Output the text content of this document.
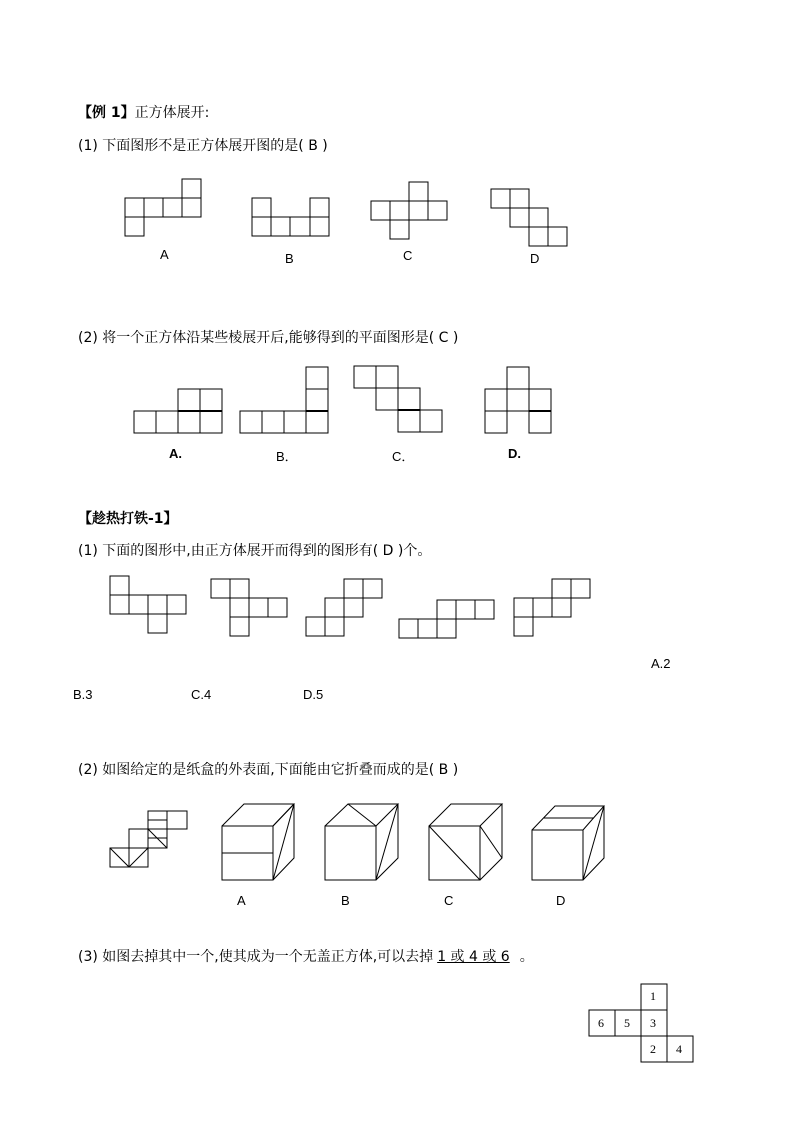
【例 1】正方体展开:
(1) 下面图形不是正方体展开图的是( B )
A	B	C	D
(2) 将一个正方体沿某些棱展开后,能够得到的平面图形是( C )
A.	B．	C．	D.
【趁热打铁-1】
(1) 下面的图形中,由正方体展开而得到的图形有( D )个。
A.2
B.3	C.4	D.5
(2) 如图给定的是纸盒的外表面,下面能由它折叠而成的是( B )
A	B	C	D
(3) 如图去掉其中一个,使其成为一个无盖正方体,可以去掉 1 或 4 或 6 。
1
6 5 3
2 4
